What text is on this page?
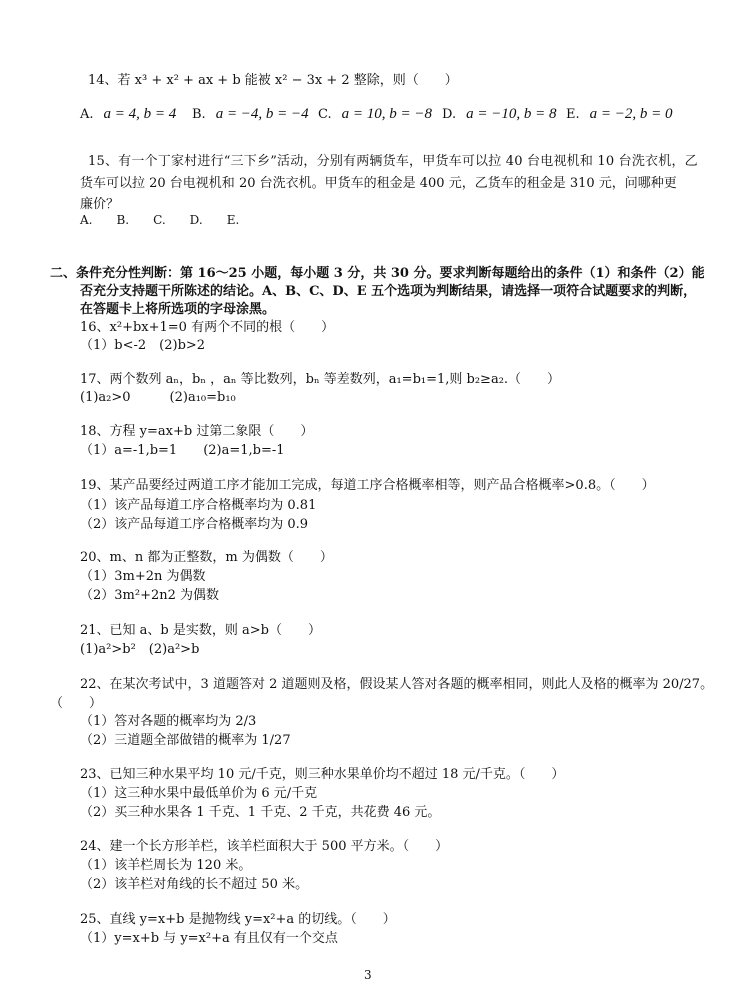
14、若 x³ + x² + ax + b 能被 x² − 3x + 2 整除，则（　　）
A. a = 4, b = 4 B. a = −4, b = −4 C. a = 10, b = −8 D. a = −10, b = 8 E. a = −2, b = 0
15、有一个丁家村进行“三下乡”活动，分别有两辆货车，甲货车可以拉 40 台电视机和 10 台洗衣机，乙
货车可以拉 20 台电视机和 20 台洗衣机。甲货车的租金是 400 元，乙货车的租金是 310 元，问哪种更
廉价？
A.　　B.　　C.　　D.　　E.
二、条件充分性判断：第 16～25 小题，每小题 3 分，共 30 分。要求判断每题给出的条件（1）和条件（2）能
否充分支持题干所陈述的结论。A、B、C、D、E 五个选项为判断结果，请选择一项符合试题要求的判断，
在答题卡上将所选项的字母涂黑。
16、x²+bx+1=0 有两个不同的根（　　）
（1）b<-2　(2)b>2
17、两个数列 aₙ，bₙ ，aₙ 等比数列，bₙ 等差数列，a₁=b₁=1,则 b₂≥a₂.（　　）
(1)a₂>0　　　(2)a₁₀=b₁₀
18、方程 y=ax+b 过第二象限（　　）
（1）a=-1,b=1　　(2)a=1,b=-1
19、某产品要经过两道工序才能加工完成，每道工序合格概率相等，则产品合格概率>0.8。（　　）
（1）该产品每道工序合格概率均为 0.81
（2）该产品每道工序合格概率均为 0.9
20、m、n 都为正整数，m 为偶数（　　）
（1）3m+2n 为偶数
（2）3m²+2n2 为偶数
21、已知 a、b 是实数，则 a>b（　　）
(1)a²>b²　(2)a²>b
22、在某次考试中，3 道题答对 2 道题则及格，假设某人答对各题的概率相同，则此人及格的概率为 20/27。
（　　）
（1）答对各题的概率均为 2/3
（2）三道题全部做错的概率为 1/27
23、已知三种水果平均 10 元/千克，则三种水果单价均不超过 18 元/千克。（　　）
（1）这三种水果中最低单价为 6 元/千克
（2）买三种水果各 1 千克、1 千克、2 千克，共花费 46 元。
24、建一个长方形羊栏，该羊栏面积大于 500 平方米。（　　）
（1）该羊栏周长为 120 米。
（2）该羊栏对角线的长不超过 50 米。
25、直线 y=x+b 是抛物线 y=x²+a 的切线。（　　）
（1）y=x+b 与 y=x²+a 有且仅有一个交点
3
